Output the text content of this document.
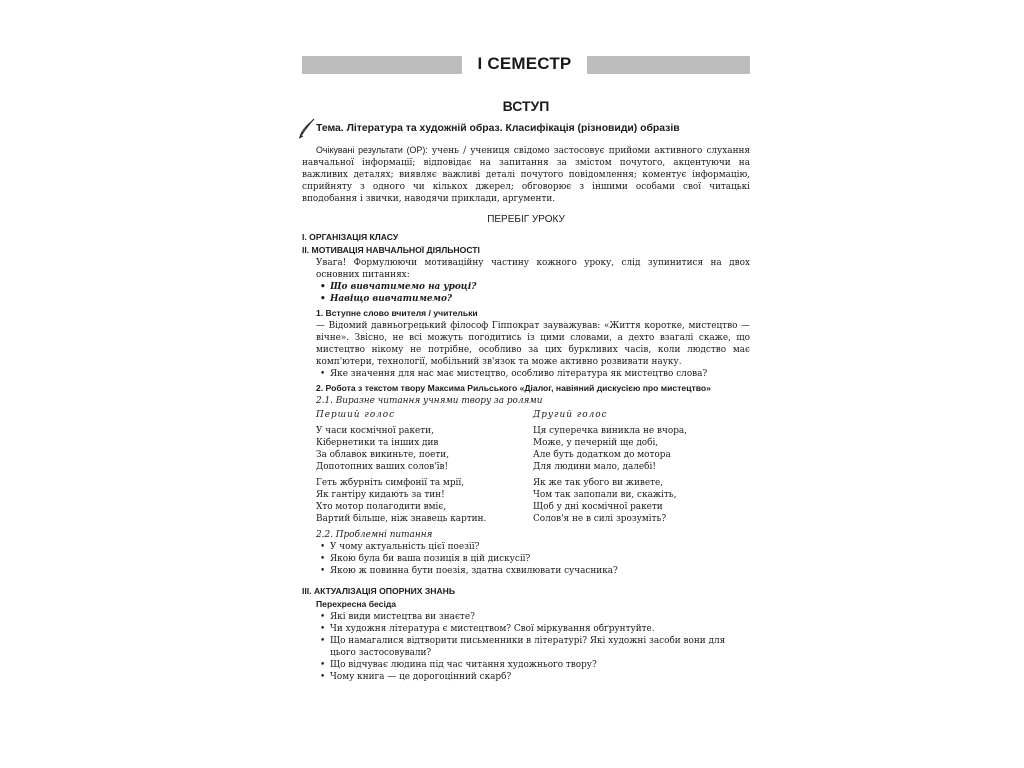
І СЕМЕСТР
ВСТУП
Тема. Література та художній образ. Класифікація (різновиди) образів
Очікувані результати (ОР): учень / учениця свідомо застосовує прийоми активного слухання навчальної інформації; відповідає на запитання за змістом почутого, акцентуючи на важливих деталях; виявляє важливі деталі почутого повідомлення; коментує інформацію, сприйняту з одного чи кількох джерел; обговорює з іншими особами свої читацькі вподобання і звички, наводячи приклади, аргументи.
ПЕРЕБІГ УРОКУ
І. ОРГАНІЗАЦІЯ КЛАСУ
ІІ. МОТИВАЦІЯ НАВЧАЛЬНОЇ ДІЯЛЬНОСТІ
Увага! Формулюючи мотиваційну частину кожного уроку, слід зупинитися на двох основних питаннях:
• Що вивчатимемо на уроці?
• Навіщо вивчатимемо?
1. Вступне слово вчителя / учительки
— Відомий давньогрецький філософ Гіппократ зауважував: «Життя коротке, мистецтво — вічне». Звісно, не всі можуть погодитись із цими словами, а дехто взагалі скаже, що мистецтво нікому не потрібне, особливо за цих буркливих часів, коли людство має комп'ютери, технології, мобільний зв'язок та може активно розвивати науку.
• Яке значення для нас має мистецтво, особливо література як мистецтво слова?
2. Робота з текстом твору Максима Рильського «Діалог, навіяний дискусією про мистецтво»
2.1. Виразне читання учнями твору за ролями
Перший голос
У часи космічної ракети,
Кібернетики та інших див
За облавок викиньте, поети,
Допотопних ваших солов'їв!
Геть жбурніть симфонії та мрії,
Як гантіру кидають за тин!
Хто мотор полагодити вміє,
Вартий більше, ніж знавець картин.
Другий голос
Ця суперечка виникла не вчора,
Може, у печерній ще добі,
Але буть додатком до мотора
Для людини мало, далебі!
Як же так убого ви живете,
Чом так запопали ви, скажіть,
Щоб у дні космічної ракети
Солов'я не в силі зрозуміть?
2.2. Проблемні питання
• У чому актуальність цієї поезії?
• Якою була би ваша позиція в цій дискусії?
• Якою ж повинна бути поезія, здатна схвилювати сучасника?
ІІІ. АКТУАЛІЗАЦІЯ ОПОРНИХ ЗНАНЬ
Перехресна бесіда
• Які види мистецтва ви знаєте?
• Чи художня література є мистецтвом? Свої міркування обґрунтуйте.
• Що намагалися відтворити письменники в літературі? Які художні засоби вони для цього застосовували?
• Що відчуває людина під час читання художнього твору?
• Чому книга — це дорогоцінний скарб?
